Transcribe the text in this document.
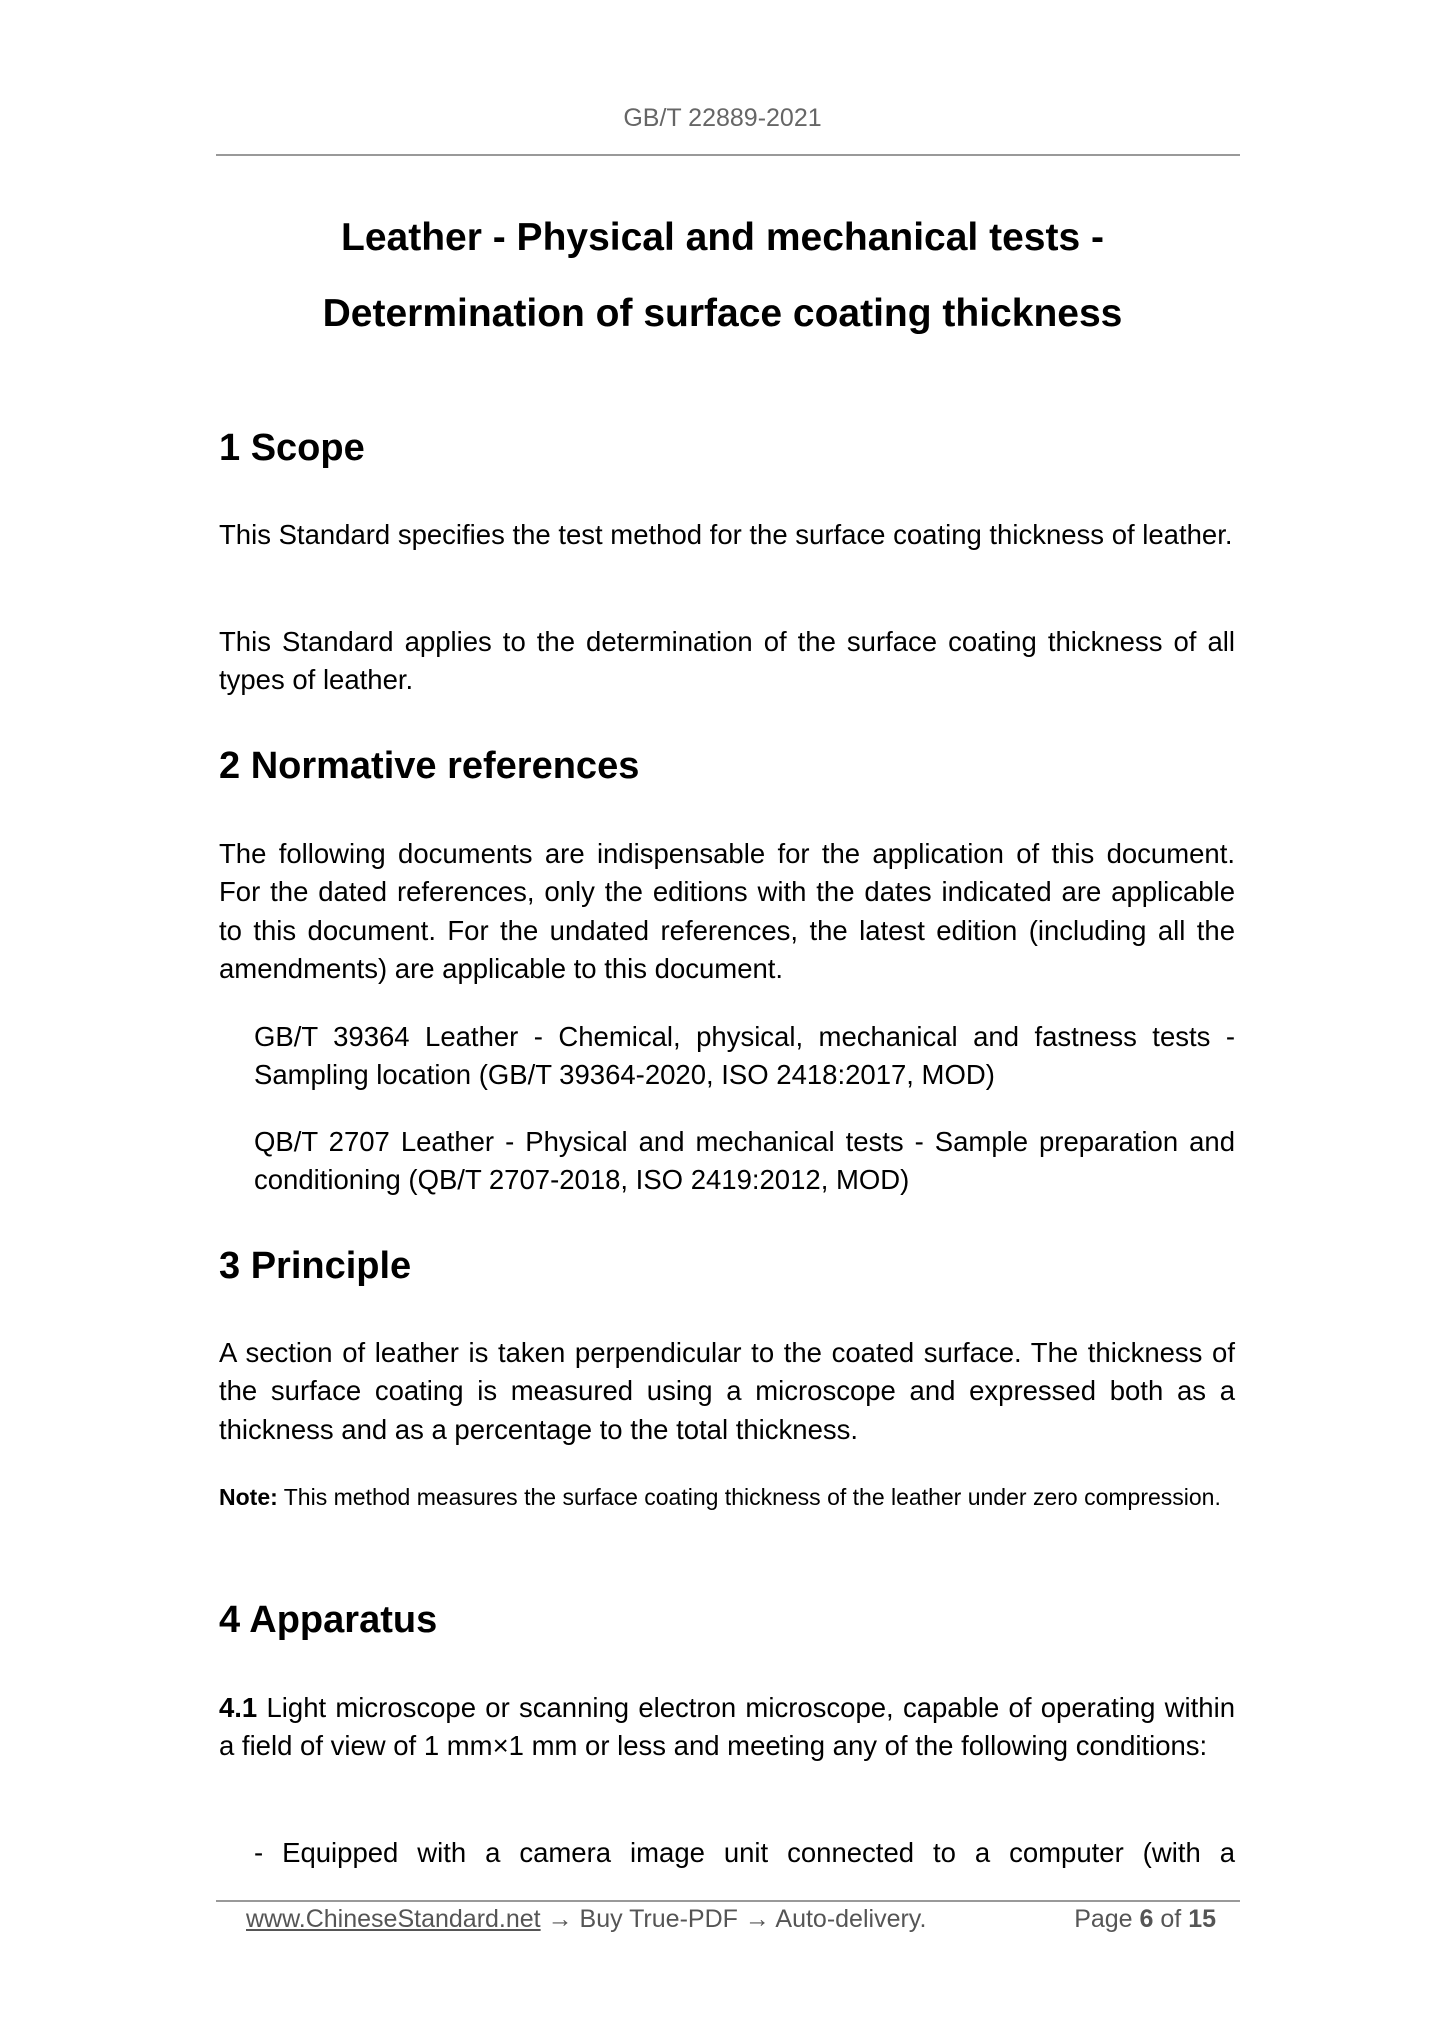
GB/T 22889-2021
Leather - Physical and mechanical tests -
Determination of surface coating thickness
1 Scope
This Standard specifies the test method for the surface coating thickness of leather.
This Standard applies to the determination of the surface coating thickness of all types of leather.
2 Normative references
The following documents are indispensable for the application of this document. For the dated references, only the editions with the dates indicated are applicable to this document. For the undated references, the latest edition (including all the amendments) are applicable to this document.
GB/T 39364 Leather - Chemical, physical, mechanical and fastness tests - Sampling location (GB/T 39364-2020, ISO 2418:2017, MOD)
QB/T 2707 Leather - Physical and mechanical tests - Sample preparation and conditioning (QB/T 2707-2018, ISO 2419:2012, MOD)
3 Principle
A section of leather is taken perpendicular to the coated surface. The thickness of the surface coating is measured using a microscope and expressed both as a thickness and as a percentage to the total thickness.
Note: This method measures the surface coating thickness of the leather under zero compression.
4 Apparatus
4.1 Light microscope or scanning electron microscope, capable of operating within a field of view of 1 mm×1 mm or less and meeting any of the following conditions:
- Equipped with a camera image unit connected to a computer (with a
www.ChineseStandard.net → Buy True-PDF → Auto-delivery.	Page 6 of 15
